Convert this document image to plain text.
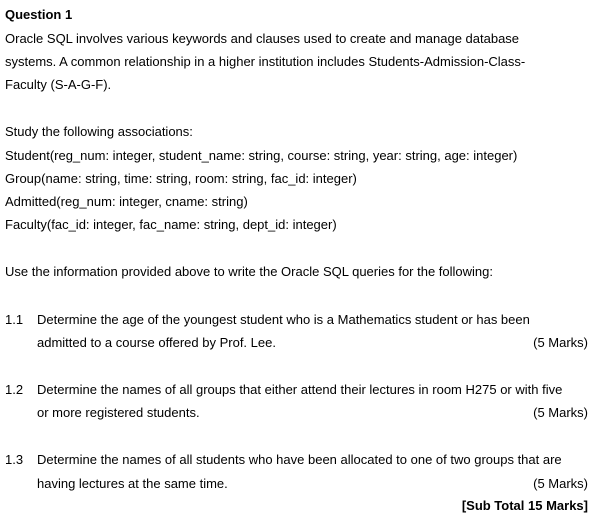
Question 1
Oracle SQL involves various keywords and clauses used to create and manage database
systems. A common relationship in a higher institution includes Students-Admission-Class-
Faculty (S-A-G-F).
Study the following associations:
Student(reg_num: integer, student_name: string, course: string, year: string, age: integer)
Group(name: string, time: string, room: string, fac_id: integer)
Admitted(reg_num: integer, cname: string)
Faculty(fac_id: integer, fac_name: string, dept_id: integer)
Use the information provided above to write the Oracle SQL queries for the following:
1.1 Determine the age of the youngest student who is a Mathematics student or has been
admitted to a course offered by Prof. Lee.	(5 Marks)
1.2 Determine the names of all groups that either attend their lectures in room H275 or with five
or more registered students.	(5 Marks)
1.3 Determine the names of all students who have been allocated to one of two groups that are
having lectures at the same time.	(5 Marks)
[Sub Total 15 Marks]
